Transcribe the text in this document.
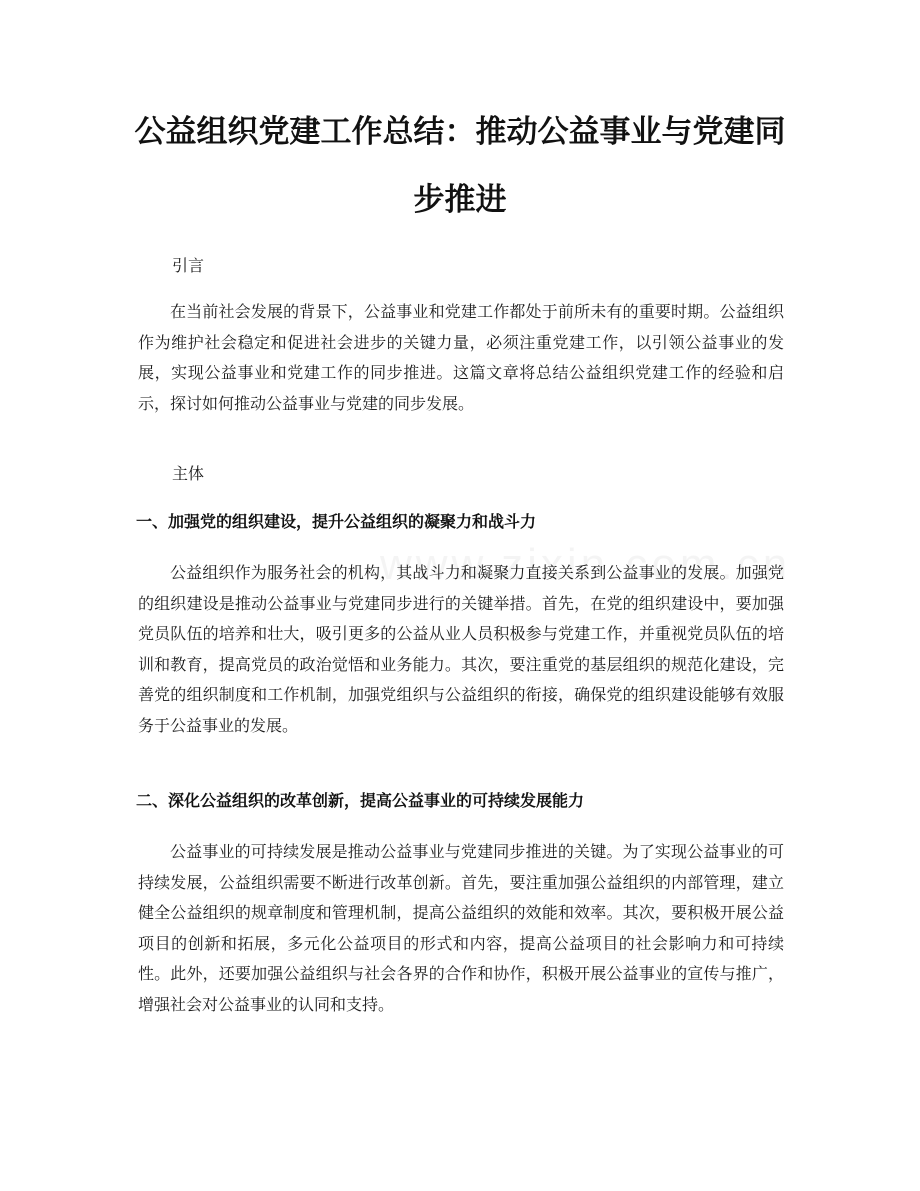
公益组织党建工作总结：推动公益事业与党建同步推进

引言

在当前社会发展的背景下，公益事业和党建工作都处于前所未有的重要时期。公益组织作为维护社会稳定和促进社会进步的关键力量，必须注重党建工作，以引领公益事业的发展，实现公益事业和党建工作的同步推进。这篇文章将总结公益组织党建工作的经验和启示，探讨如何推动公益事业与党建的同步发展。

主体

一、加强党的组织建设，提升公益组织的凝聚力和战斗力

公益组织作为服务社会的机构，其战斗力和凝聚力直接关系到公益事业的发展。加强党的组织建设是推动公益事业与党建同步进行的关键举措。首先，在党的组织建设中，要加强党员队伍的培养和壮大，吸引更多的公益从业人员积极参与党建工作，并重视党员队伍的培训和教育，提高党员的政治觉悟和业务能力。其次，要注重党的基层组织的规范化建设，完善党的组织制度和工作机制，加强党组织与公益组织的衔接，确保党的组织建设能够有效服务于公益事业的发展。

二、深化公益组织的改革创新，提高公益事业的可持续发展能力

公益事业的可持续发展是推动公益事业与党建同步推进的关键。为了实现公益事业的可持续发展，公益组织需要不断进行改革创新。首先，要注重加强公益组织的内部管理，建立健全公益组织的规章制度和管理机制，提高公益组织的效能和效率。其次，要积极开展公益项目的创新和拓展，多元化公益项目的形式和内容，提高公益项目的社会影响力和可持续性。此外，还要加强公益组织与社会各界的合作和协作，积极开展公益事业的宣传与推广，增强社会对公益事业的认同和支持。
